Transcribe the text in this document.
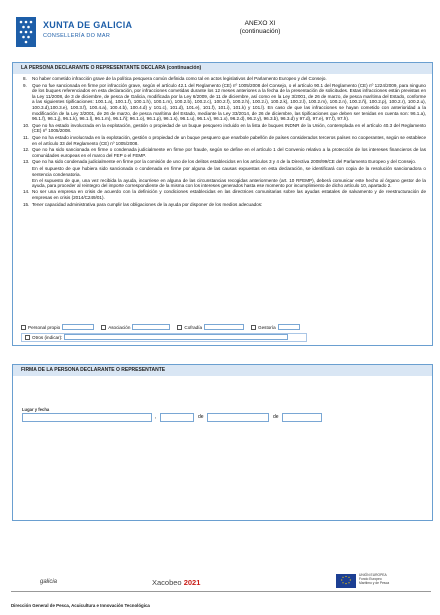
XUNTA DE GALICIA
CONSELLERÍA DO MAR
ANEXO XI
(continuación)
LA PERSONA DECLARANTE O REPRESENTANTE DECLARA (continuación)
8.	No haber cometido infracción grave de la política pesquera común definida como tal en actos legislativos del Parlamento Europeo y del Consejo.
9.	Que no fue sancionada en firme por infracción grave, según el artículo 42.1 del Reglamento (CE) nº 1005/2008 del Consejo, o el artículo 90.1 del Reglamento (CE) nº 1224/2009, para ninguno de los buques referenciados en esta declaración, por infracciones cometidas durante los 12 meses anteriores a la fecha de la presentación de solicitudes. Estas infracciones están previstas en la Ley 11/2008, de 3 de diciembre, de pesca de Galicia, modificada por la Ley 6/2009, de 11 de diciembre, así como en la Ley 3/2001, de 26 de marzo, de pesca marítima del Estado, conforme a las siguientes tipificaciones: 100.1.a), 100.1.f), 100.1.h), 100.1.m), 100.2.b), 100.2.c), 100.2.f), 100.2.h), 100.2.i), 100.2.k), 100.2.l), 100.2.m), 100.2.n), 100.2.ñ), 100.2.p), 100.2.r), 100.2.u), 100.3.d),100.3.e), 100.3.f), 100.4.a), 100.4.b), 100.4.d) y 101.c), 101.d), 101.e), 101.f), 101.i), 101.k) y 101.l). En caso de que las infracciones se hayan cometido con anterioridad a la modificación de la Ley 3/2001, de 26 de marzo, de pesca marítima del Estado, mediante la Ley 33/2014, de 26 de diciembre, las tipificaciones que deben ser tenidas en cuenta son: 96.1.a), 96.1.f), 96.1.j), 96.1.k), 96.1.l), 96.1.m), 96.1.ñ); 96.1.o), 96.1.p), 96.1.s), 96.1.u), 96.1.v), 96.1.x), 96.2.d), 96.2.y), 96.3.b), 96.3.d) y 97.d), 97.e), 97.f), 97.h).
10. Que no ha estado involucrada en la explotación, gestión o propiedad de un buque pesquero incluido en la lista de buques INDNR de la Unión, contemplada en el artículo 40.3 del Reglamento (CE) nº 1005/2008.
11. Que no ha estado involucrada en la explotación, gestión o propiedad de un buque pesquero que enarbole pabellón de países considerados terceros países no cooperantes, según se establece en el artículo 33 del Reglamento (CE) nº 1005/2008.
12. Que no ha sido sancionada en firme o condenada judicialmente en firme por fraude, según se define en el artículo 1 del Convenio relativo a la protección de los intereses financieros de las comunidades europeas en el marco del FEP o el FEMP.
13. Que no ha sido condenada judicialmente en firme por la comisión de uno de los delitos establecidos en los artículos 3 y 4 de la Directiva 2008/99/CE del Parlamento Europeo y del Consejo.
En el supuesto de que hubiera sido sancionada o condenada en firme por alguna de las causas expuestas en esta declaración, se identificará con copia de la resolución sancionadora o sentencia condenatoria.
En el supuesto de que, una vez recibida la ayuda, incurriese en alguna de las circunstancias recogidas anteriormente (art. 10 RFEMP), deberá comunicar este hecho al órgano gestor de la ayuda, para proceder al reintegro del importe correspondiente de la misma con los intereses generados hasta ese momento por incumplimiento de dicho artículo 10, apartado 2.
14. No ser una empresa en crisis de acuerdo con la definición y condiciones establecidas en las directrices comunitarias sobre las ayudas estatales de salvamento y de reestructuración de empresas en crisis (2014/C249/01).
15. Tener capacidad administrativa para cumplir las obligaciones de la ayuda por disponer de los medios adecuados:
Personal propio	Asociación	Cofradía	Gestoría
Otros (indicar):
FIRMA DE LA PERSONA DECLARANTE O REPRESENTANTE
Lugar y fecha
,	de	de
galicia	Xacobeo 2021
UNIÓN EUROPEA
Fondo Europeo
Marítimo y de Pesca
Dirección General de Pesca, Acuicultura e Innovación Tecnológica
